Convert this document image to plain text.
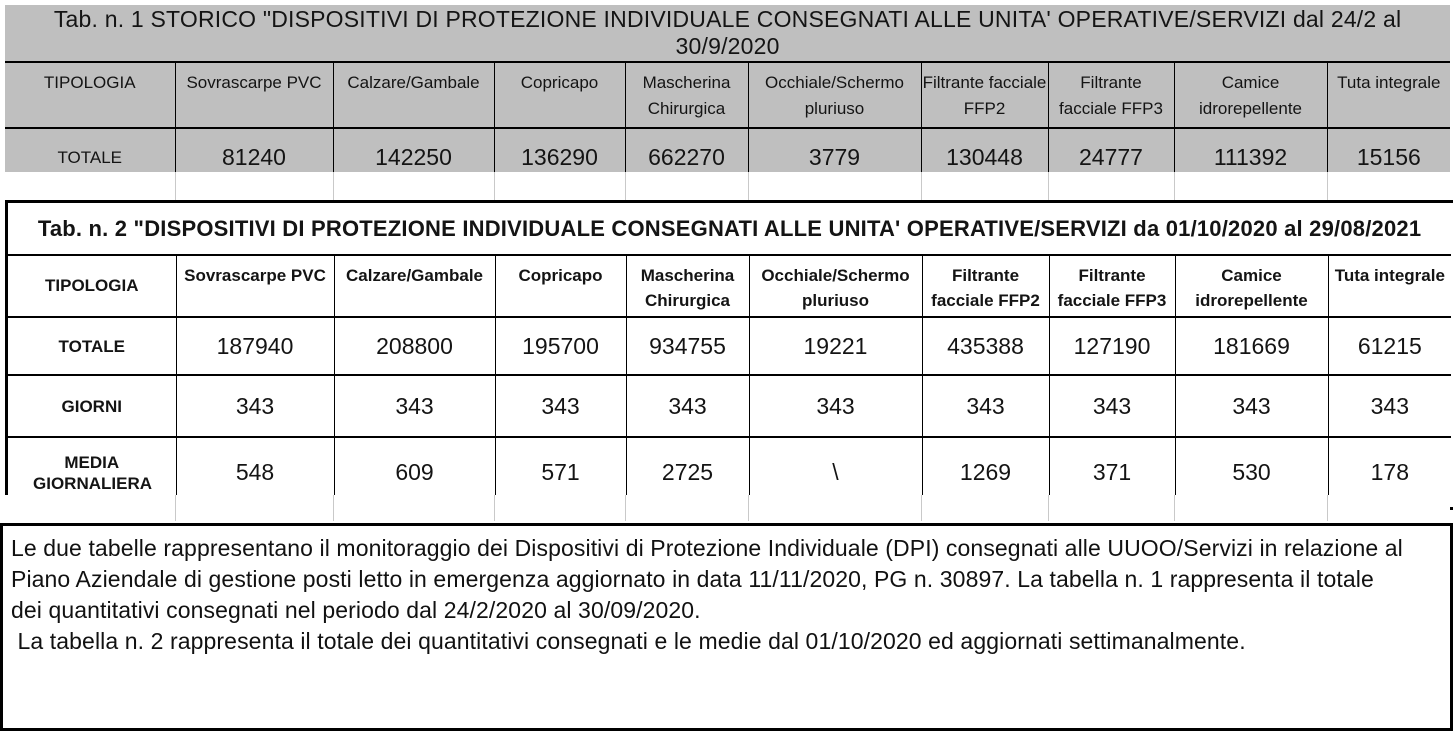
Tab. n. 1 STORICO "DISPOSITIVI DI PROTEZIONE INDIVIDUALE CONSEGNATI ALLE UNITA' OPERATIVE/SERVIZI dal 24/2 al 30/9/2020									
TIPOLOGIA	Sovrascarpe PVC	Calzare/Gambale	Copricapo	Mascherina Chirurgica	Occhiale/Schermo pluriuso	Filtrante facciale FFP2	Filtrante facciale FFP3	Camice idrorepellente	Tuta integrale
TOTALE	81240	142250	136290	662270	3779	130448	24777	111392	15156

Tab. n. 2 "DISPOSITIVI DI PROTEZIONE INDIVIDUALE CONSEGNATI ALLE UNITA' OPERATIVE/SERVIZI da 01/10/2020 al 29/08/2021									
TIPOLOGIA	Sovrascarpe PVC	Calzare/Gambale	Copricapo	Mascherina Chirurgica	Occhiale/Schermo pluriuso	Filtrante facciale FFP2	Filtrante facciale FFP3	Camice idrorepellente	Tuta integrale
TOTALE	187940	208800	195700	934755	19221	435388	127190	181669	61215
GIORNI	343	343	343	343	343	343	343	343	343
MEDIA GIORNALIERA	548	609	571	2725	\	1269	371	530	178

Le due tabelle rappresentano il monitoraggio dei Dispositivi di Protezione Individuale (DPI) consegnati alle UUOO/Servizi in relazione al
Piano Aziendale di gestione posti letto in emergenza aggiornato in data 11/11/2020, PG n. 30897. La tabella n. 1 rappresenta il totale
dei quantitativi consegnati nel periodo dal 24/2/2020 al 30/09/2020.
La tabella n. 2 rappresenta il totale dei quantitativi consegnati e le medie dal 01/10/2020 ed aggiornati settimanalmente.
